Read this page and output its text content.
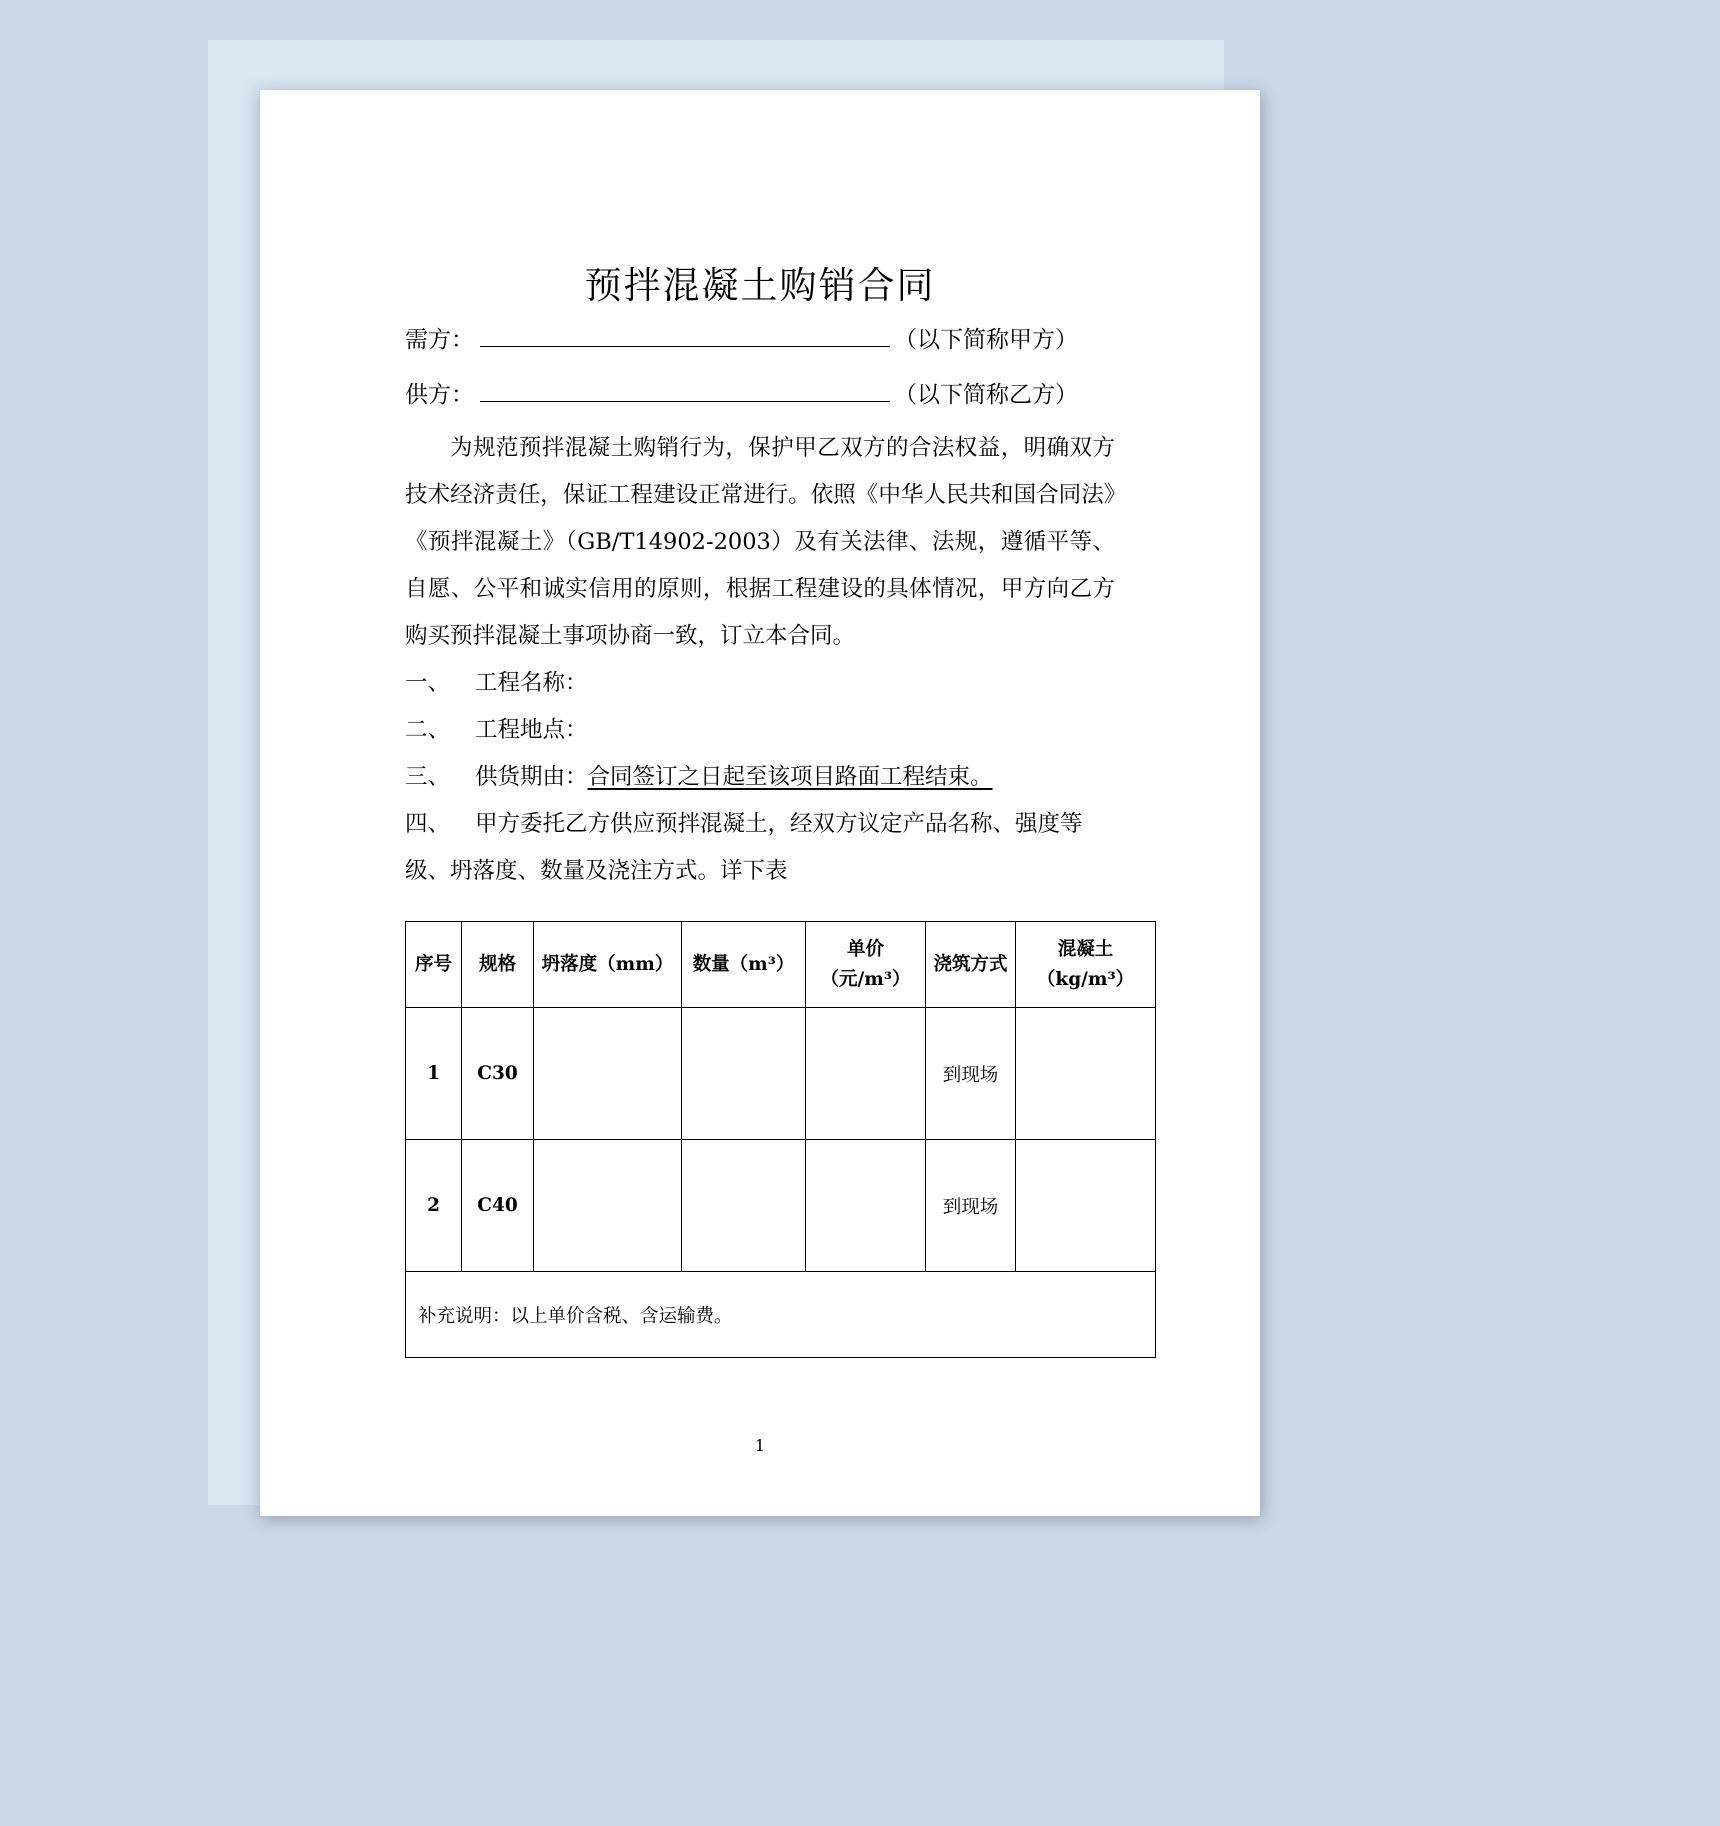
预拌混凝土购销合同
需方：	（以下简称甲方）
供方：	（以下简称乙方）

为规范预拌混凝土购销行为，保护甲乙双方的合法权益，明确双方技术经济责任，保证工程建设正常进行。依照《中华人民共和国合同法》《预拌混凝土》（GB/T14902-2003）及有关法律、法规，遵循平等、自愿、公平和诚实信用的原则，根据工程建设的具体情况，甲方向乙方购买预拌混凝土事项协商一致，订立本合同。

一、 工程名称：
二、 工程地点：
三、 供货期由：合同签订之日起至该项目路面工程结束。
四、 甲方委托乙方供应预拌混凝土，经双方议定产品名称、强度等级、坍落度、数量及浇注方式。详下表
序号	规格	坍落度（mm）	数量（m³）	单价（元/m³）	浇筑方式	混凝土（kg/m³）
1	C30				到现场	
2	C40				到现场	
补充说明：以上单价含税、含运输费。						
1
